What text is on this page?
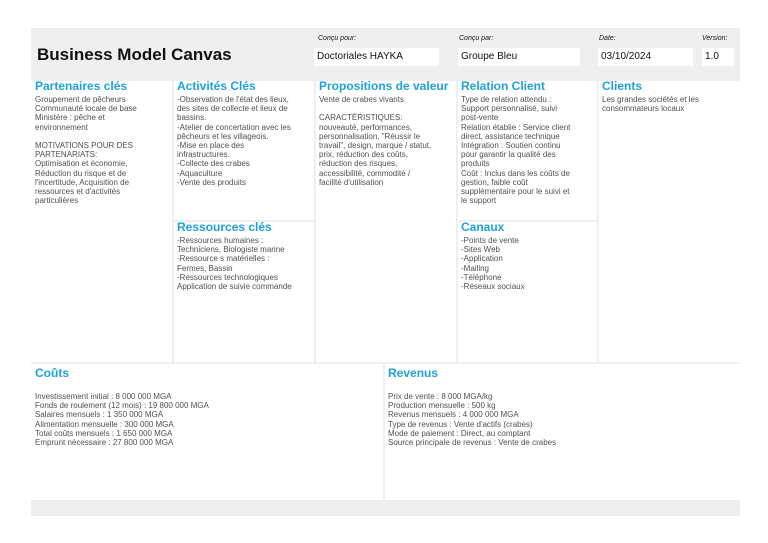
Business Model Canvas
Conçu pour:
Doctoriales HAYKA
Conçu par:
Groupe Bleu
Date:
03/10/2024
Version:
1.0
Partenaires clés
Groupement de pêcheurs
Communauté locale de base
Ministère : pêche et
environnement

MOTIVATIONS POUR DES
PARTENARIATS:
Optimisation et économie,
Réduction du risque et de
l'incertitude, Acquisition de
ressources et d'activités
particulières
Activités Clés
-Observation de l'état des lieux,
des sites de collecte et lieux de
bassins.
-Atelier de concertation avec les
pêcheurs et les villageois.
-Mise en place des
infrastructures.
-Collecte des crabes
-Aquaculture
-Vente des produits
Ressources clés
-Ressources humaines :
Techniciens, Biologiste marine
-Ressource s matérielles :
Fermes, Bassin
-Ressources technologiques
Application de suivie commande
Propositions de valeur
Vente de crabes vivants

CARACTÉRISTIQUES:
nouveauté, performances,
personnalisation, "Réussir le
travail", design, marque / statut,
prix, réduction des coûts,
réduction des risques,
accessibilité, commodité /
facilité d'utilisation
Relation Client
Type de relation attendu :
Support personnalisé, suivi
post-vente
Relation établie : Service client
direct, assistance technique
Intégration : Soutien continu
pour garantir la qualité des
produits
Coût : Inclus dans les coûts de
gestion, faible coût
supplémentaire pour le suivi et
le support
Canaux
-Points de vente
-Sites Web
-Application
-Mailing
-Téléphone
-Réseaux sociaux
Clients
Les grandes sociétés et les
consommateurs locaux
Coûts
Investissement initial : 8 000 000 MGA
Fonds de roulement (12 mois) : 19 800 000 MGA
Salaires mensuels : 1 350 000 MGA
Alimentation mensuelle : 300 000 MGA
Total coûts mensuels : 1 650 000 MGA
Emprunt nécessaire : 27 800 000 MGA
Revenus
Prix de vente : 8 000 MGA/kg
Production mensuelle : 500 kg
Revenus mensuels : 4 000 000 MGA
Type de revenus : Vente d'actifs (crabes)
Mode de paiement : Direct, au comptant
Source principale de revenus : Vente de crabes
